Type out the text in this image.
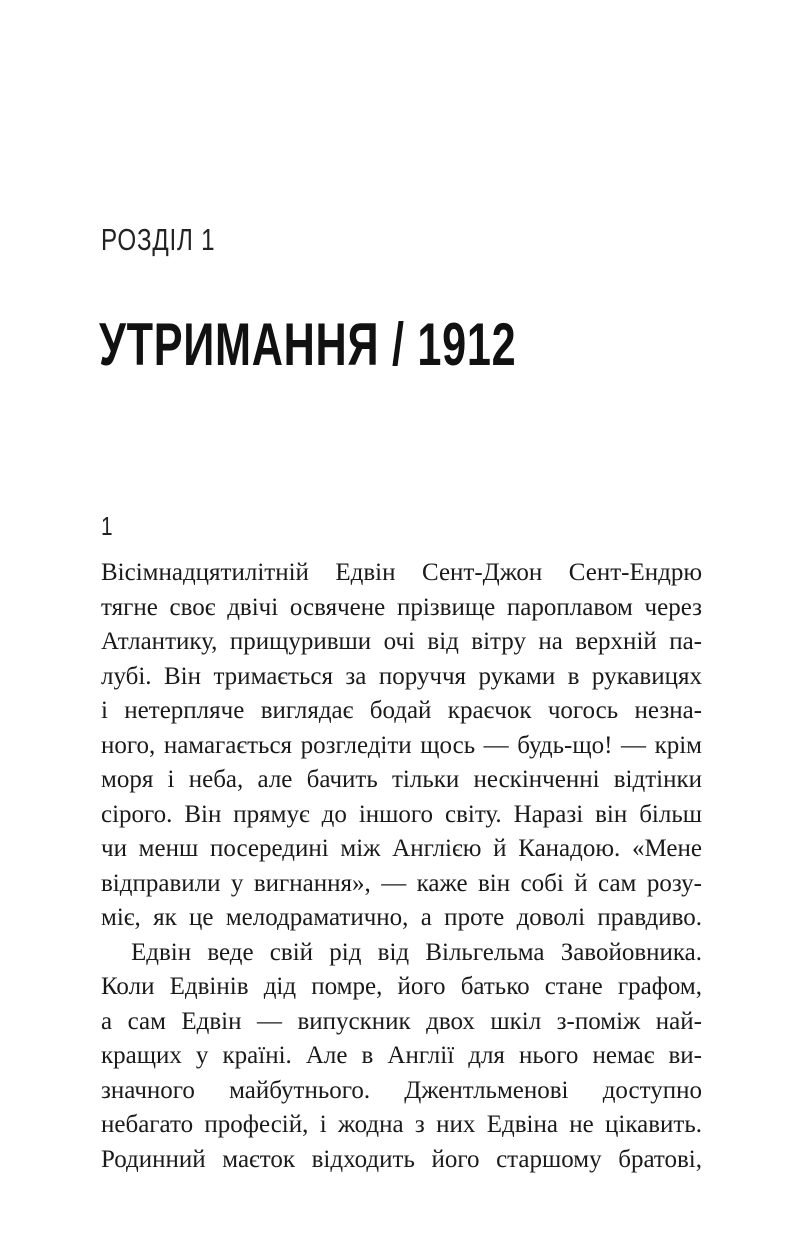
РОЗДІЛ 1
УТРИМАННЯ / 1912
1
Вісімнадцятилітній Едвін Сент-Джон Сент-Ендрю
тягне своє двічі освячене прізвище пароплавом через
Атлантику, прищуривши очі від вітру на верхній па-
лубі. Він тримається за поруччя руками в рукавицях
і нетерпляче виглядає бодай краєчок чогось незна-
ного, намагається розгледіти щось — будь-що! — крім
моря і неба, але бачить тільки нескінченні відтінки
сірого. Він прямує до іншого світу. Наразі він більш
чи менш посередині між Англією й Канадою. «Мене
відправили у вигнання», — каже він собі й сам розу-
міє, як це мелодраматично, а проте доволі правдиво.
Едвін веде свій рід від Вільгельма Завойовника.
Коли Едвінів дід помре, його батько стане графом,
а сам Едвін — випускник двох шкіл з-поміж най-
кращих у країні. Але в Англії для нього немає ви-
значного майбутнього. Джентльменові доступно
небагато професій, і жодна з них Едвіна не цікавить.
Родинний маєток відходить його старшому братові,
